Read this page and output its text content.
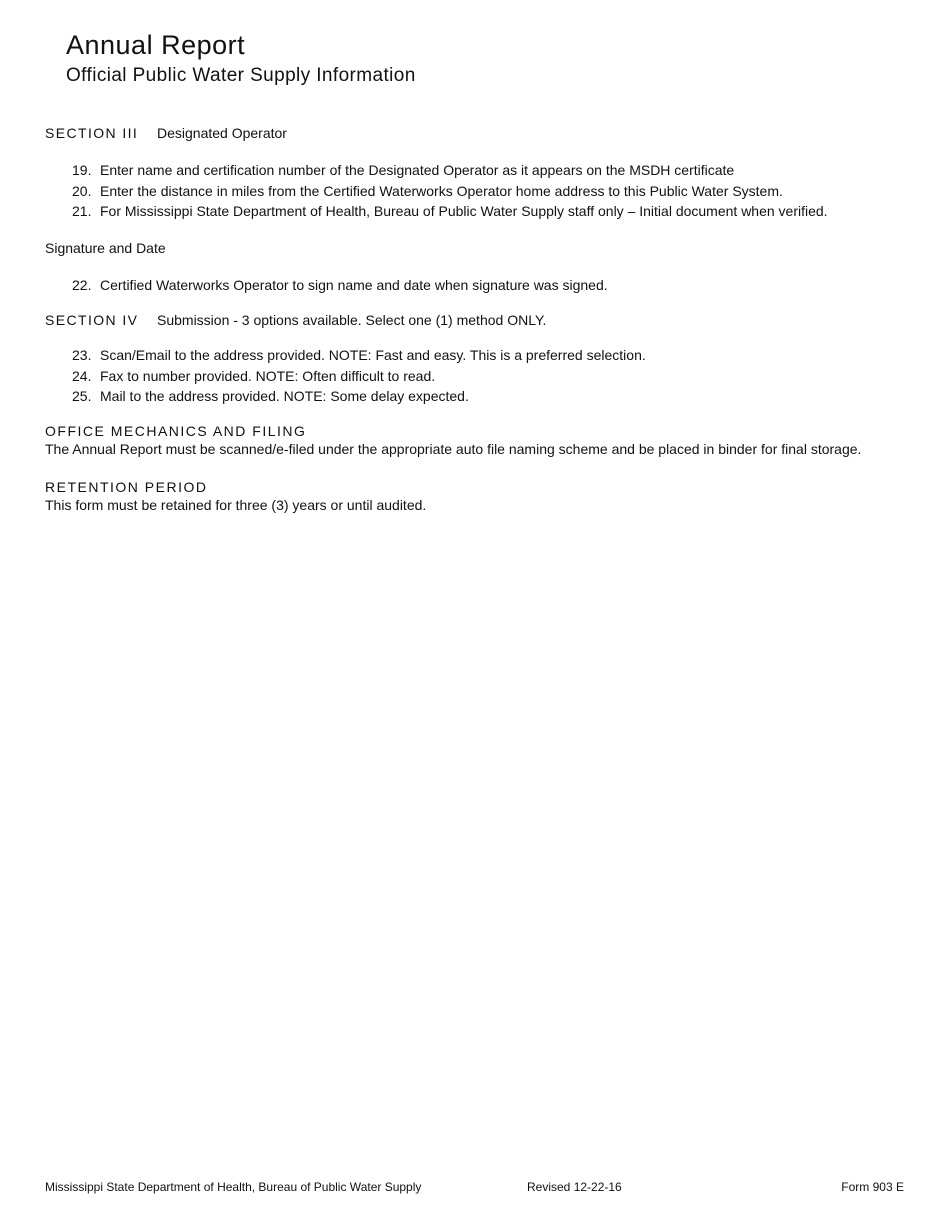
Annual Report
Official Public Water Supply Information
SECTION III Designated Operator
19. Enter name and certification number of the Designated Operator as it appears on the MSDH certificate
20. Enter the distance in miles from the Certified Waterworks Operator home address to this Public Water System.
21. For Mississippi State Department of Health, Bureau of Public Water Supply staff only – Initial document when verified.
Signature and Date
22. Certified Waterworks Operator to sign name and date when signature was signed.
SECTION IV Submission - 3 options available. Select one (1) method ONLY.
23. Scan/Email to the address provided. NOTE: Fast and easy. This is a preferred selection.
24. Fax to number provided. NOTE: Often difficult to read.
25. Mail to the address provided. NOTE: Some delay expected.
OFFICE MECHANICS AND FILING
The Annual Report must be scanned/e-filed under the appropriate auto file naming scheme and be placed in binder for final storage.
RETENTION PERIOD
This form must be retained for three (3) years or until audited.
Mississippi State Department of Health, Bureau of Public Water Supply	Revised 12-22-16	Form 903 E
